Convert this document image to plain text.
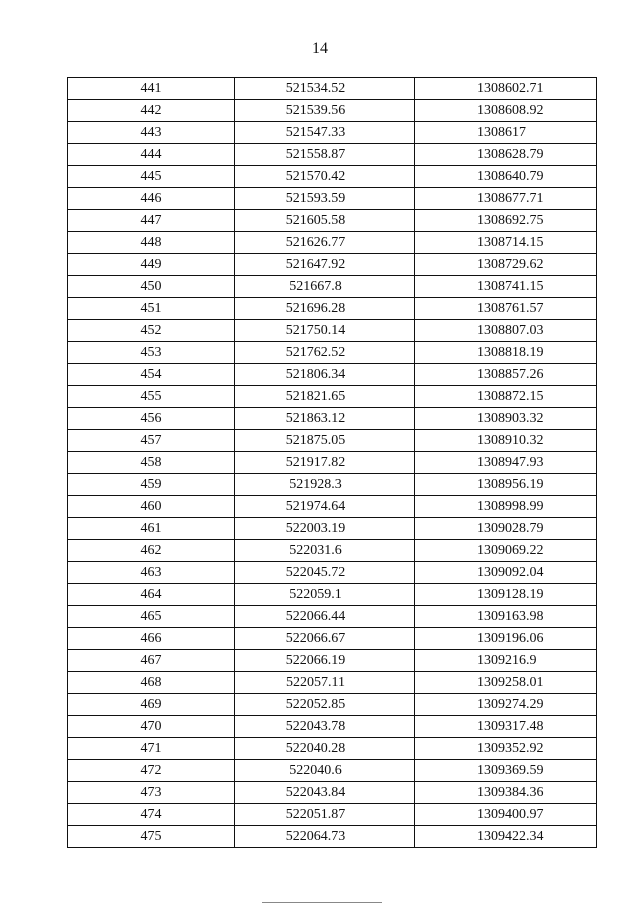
14
441	521534.52	1308602.71
442	521539.56	1308608.92
443	521547.33	1308617
444	521558.87	1308628.79
445	521570.42	1308640.79
446	521593.59	1308677.71
447	521605.58	1308692.75
448	521626.77	1308714.15
449	521647.92	1308729.62
450	521667.8	1308741.15
451	521696.28	1308761.57
452	521750.14	1308807.03
453	521762.52	1308818.19
454	521806.34	1308857.26
455	521821.65	1308872.15
456	521863.12	1308903.32
457	521875.05	1308910.32
458	521917.82	1308947.93
459	521928.3	1308956.19
460	521974.64	1308998.99
461	522003.19	1309028.79
462	522031.6	1309069.22
463	522045.72	1309092.04
464	522059.1	1309128.19
465	522066.44	1309163.98
466	522066.67	1309196.06
467	522066.19	1309216.9
468	522057.11	1309258.01
469	522052.85	1309274.29
470	522043.78	1309317.48
471	522040.28	1309352.92
472	522040.6	1309369.59
473	522043.84	1309384.36
474	522051.87	1309400.97
475	522064.73	1309422.34
